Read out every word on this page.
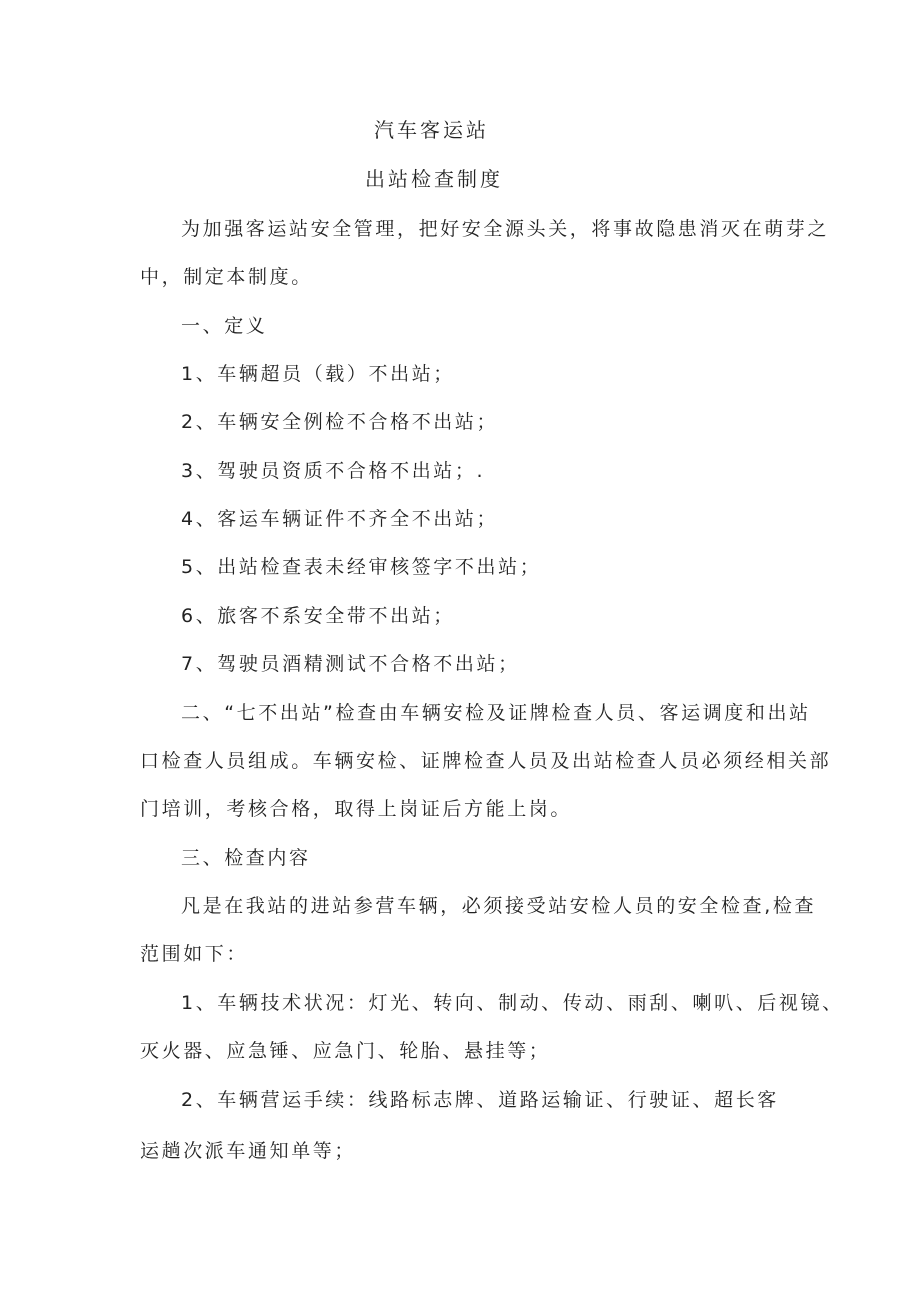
汽车客运站
出站检查制度
为加强客运站安全管理，把好安全源头关，将事故隐患消灭在萌芽之
中，制定本制度。
一、定义
1、车辆超员（载）不出站；
2、车辆安全例检不合格不出站；
3、驾驶员资质不合格不出站；.
4、客运车辆证件不齐全不出站；
5、出站检查表未经审核签字不出站；
6、旅客不系安全带不出站；
7、驾驶员酒精测试不合格不出站；
二、“七不出站”检查由车辆安检及证牌检查人员、客运调度和出站
口检查人员组成。车辆安检、证牌检查人员及出站检查人员必须经相关部
门培训，考核合格，取得上岗证后方能上岗。
三、检查内容
凡是在我站的进站参营车辆，必须接受站安检人员的安全检查,检查
范围如下：
1、车辆技术状况：灯光、转向、制动、传动、雨刮、喇叭、后视镜、
灭火器、应急锤、应急门、轮胎、悬挂等；
2、车辆营运手续：线路标志牌、道路运输证、行驶证、超长客
运趟次派车通知单等；
